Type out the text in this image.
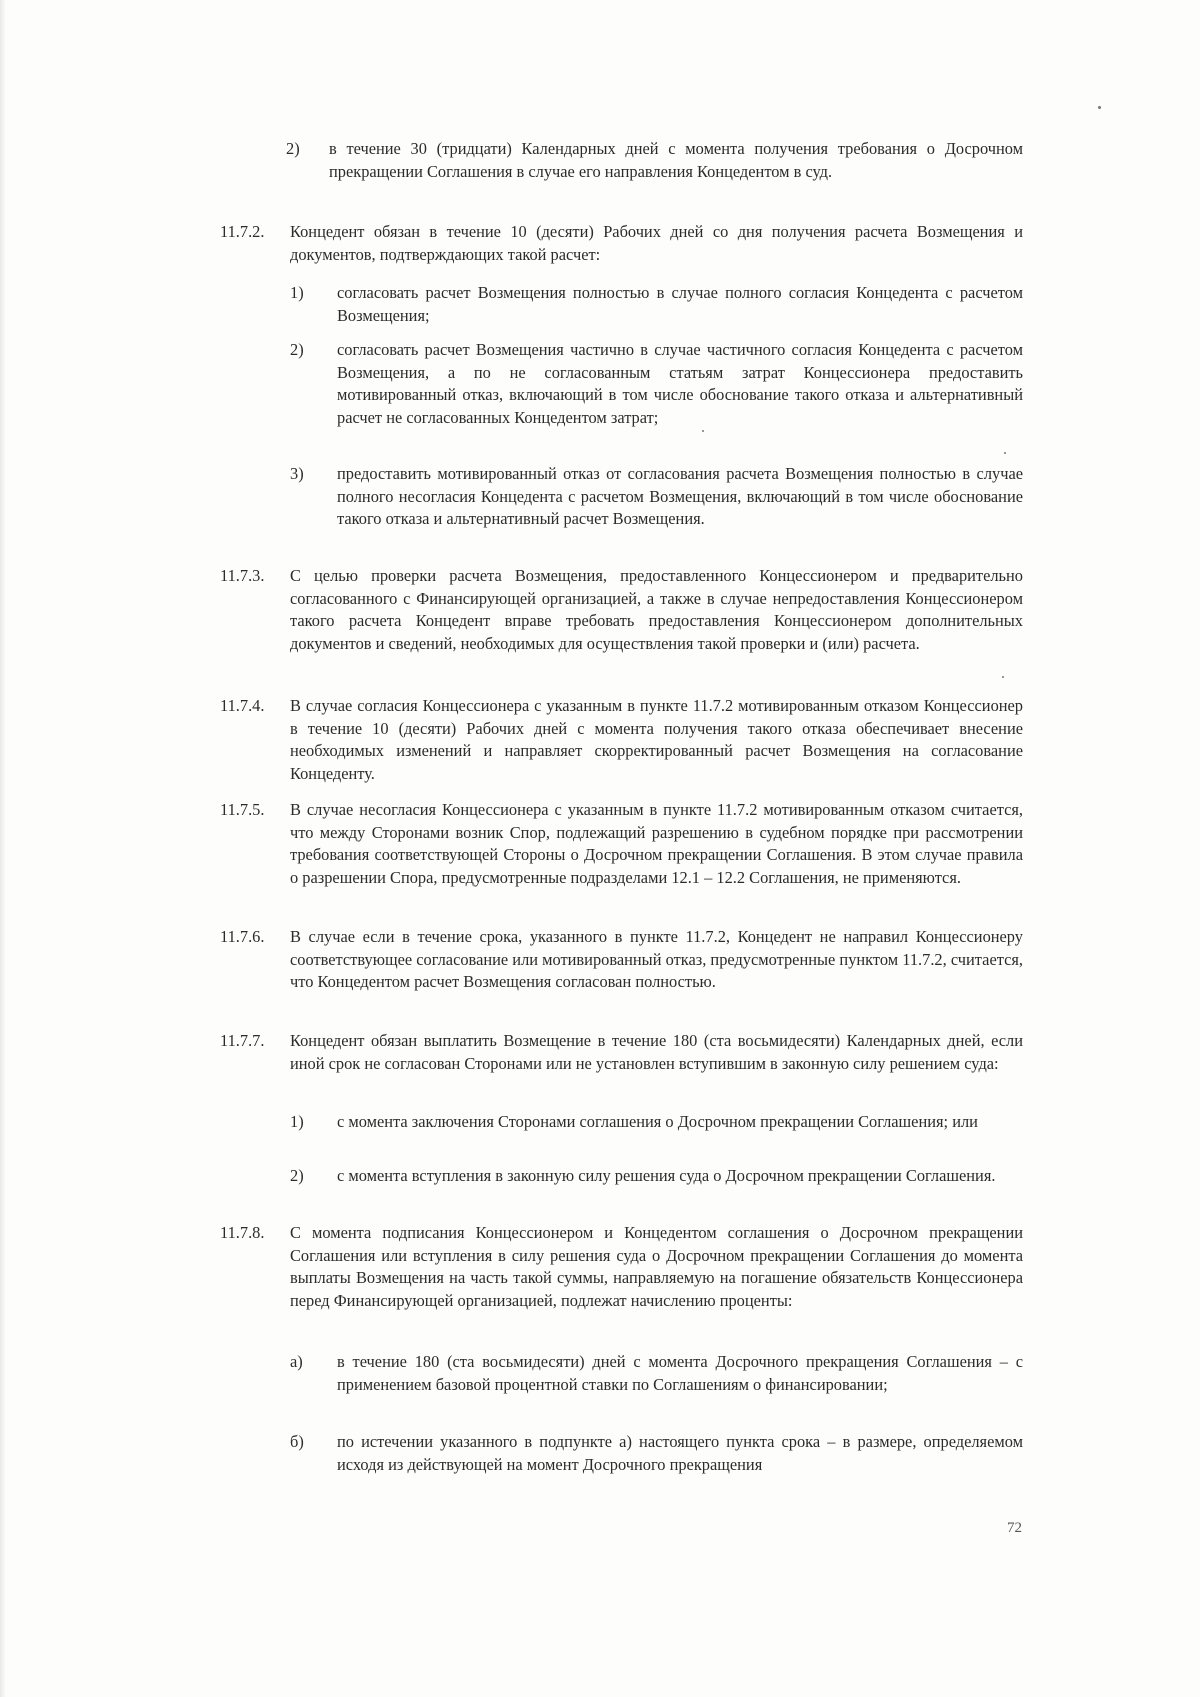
2) в течение 30 (тридцати) Календарных дней с момента получения требования о Досрочном прекращении Соглашения в случае его направления Концедентом в суд.
11.7.2. Концедент обязан в течение 10 (десяти) Рабочих дней со дня получения расчета Возмещения и документов, подтверждающих такой расчет:
1) согласовать расчет Возмещения полностью в случае полного согласия Концедента с расчетом Возмещения;
2) согласовать расчет Возмещения частично в случае частичного согласия Концедента с расчетом Возмещения, а по не согласованным статьям затрат Концессионера предоставить мотивированный отказ, включающий в том числе обоснование такого отказа и альтернативный расчет не согласованных Концедентом затрат;
3) предоставить мотивированный отказ от согласования расчета Возмещения полностью в случае полного несогласия Концедента с расчетом Возмещения, включающий в том числе обоснование такого отказа и альтернативный расчет Возмещения.
11.7.3. С целью проверки расчета Возмещения, предоставленного Концессионером и предварительно согласованного с Финансирующей организацией, а также в случае непредоставления Концессионером такого расчета Концедент вправе требовать предоставления Концессионером дополнительных документов и сведений, необходимых для осуществления такой проверки и (или) расчета.
11.7.4. В случае согласия Концессионера с указанным в пункте 11.7.2 мотивированным отказом Концессионер в течение 10 (десяти) Рабочих дней с момента получения такого отказа обеспечивает внесение необходимых изменений и направляет скорректированный расчет Возмещения на согласование Концеденту.
11.7.5. В случае несогласия Концессионера с указанным в пункте 11.7.2 мотивированным отказом считается, что между Сторонами возник Спор, подлежащий разрешению в судебном порядке при рассмотрении требования соответствующей Стороны о Досрочном прекращении Соглашения. В этом случае правила о разрешении Спора, предусмотренные подразделами 12.1 – 12.2 Соглашения, не применяются.
11.7.6. В случае если в течение срока, указанного в пункте 11.7.2, Концедент не направил Концессионеру соответствующее согласование или мотивированный отказ, предусмотренные пунктом 11.7.2, считается, что Концедентом расчет Возмещения согласован полностью.
11.7.7. Концедент обязан выплатить Возмещение в течение 180 (ста восьмидесяти) Календарных дней, если иной срок не согласован Сторонами или не установлен вступившим в законную силу решением суда:
1) с момента заключения Сторонами соглашения о Досрочном прекращении Соглашения; или
2) с момента вступления в законную силу решения суда о Досрочном прекращении Соглашения.
11.7.8. С момента подписания Концессионером и Концедентом соглашения о Досрочном прекращении Соглашения или вступления в силу решения суда о Досрочном прекращении Соглашения до момента выплаты Возмещения на часть такой суммы, направляемую на погашение обязательств Концессионера перед Финансирующей организацией, подлежат начислению проценты:
а) в течение 180 (ста восьмидесяти) дней с момента Досрочного прекращения Соглашения – с применением базовой процентной ставки по Соглашениям о финансировании;
б) по истечении указанного в подпункте а) настоящего пункта срока – в размере, определяемом исходя из действующей на момент Досрочного прекращения
72
